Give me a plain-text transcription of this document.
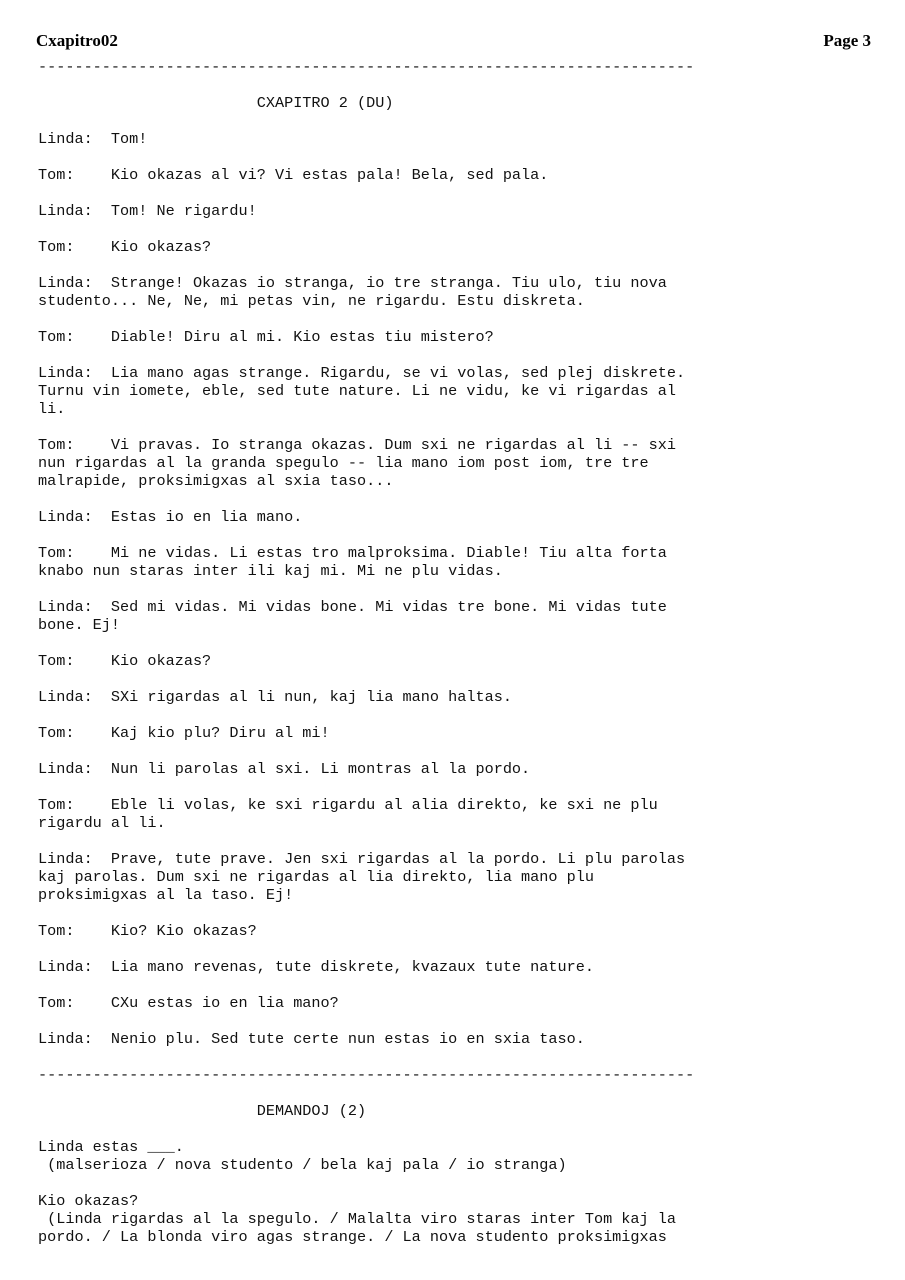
Cxapitro02	Page 3
------------------------------------------------------------------------
CXAPITRO 2 (DU)
Linda:  Tom!
Tom:    Kio okazas al vi? Vi estas pala! Bela, sed pala.
Linda:  Tom! Ne rigardu!
Tom:    Kio okazas?
Linda:  Strange! Okazas io stranga, io tre stranga. Tiu ulo, tiu nova
studento... Ne, Ne, mi petas vin, ne rigardu. Estu diskreta.
Tom:    Diable! Diru al mi. Kio estas tiu mistero?
Linda:  Lia mano agas strange. Rigardu, se vi volas, sed plej diskrete.
Turnu vin iomete, eble, sed tute nature. Li ne vidu, ke vi rigardas al
li.
Tom:    Vi pravas. Io stranga okazas. Dum sxi ne rigardas al li -- sxi
nun rigardas al la granda spegulo -- lia mano iom post iom, tre tre
malrapide, proksimigxas al sxia taso...
Linda:  Estas io en lia mano.
Tom:    Mi ne vidas. Li estas tro malproksima. Diable! Tiu alta forta
knabo nun staras inter ili kaj mi. Mi ne plu vidas.
Linda:  Sed mi vidas. Mi vidas bone. Mi vidas tre bone. Mi vidas tute
bone. Ej!
Tom:    Kio okazas?
Linda:  SXi rigardas al li nun, kaj lia mano haltas.
Tom:    Kaj kio plu? Diru al mi!
Linda:  Nun li parolas al sxi. Li montras al la pordo.
Tom:    Eble li volas, ke sxi rigardu al alia direkto, ke sxi ne plu
rigardu al li.
Linda:  Prave, tute prave. Jen sxi rigardas al la pordo. Li plu parolas
kaj parolas. Dum sxi ne rigardas al lia direkto, lia mano plu
proksimigxas al la taso. Ej!
Tom:    Kio? Kio okazas?
Linda:  Lia mano revenas, tute diskrete, kvazaux tute nature.
Tom:    CXu estas io en lia mano?
Linda:  Nenio plu. Sed tute certe nun estas io en sxia taso.
------------------------------------------------------------------------
DEMANDOJ (2)
Linda estas ___.
(malserioza / nova studento / bela kaj pala / io stranga)
Kio okazas?
(Linda rigardas al la spegulo. / Malalta viro staras inter Tom kaj la
pordo. / La blonda viro agas strange. / La nova studento proksimigxas
